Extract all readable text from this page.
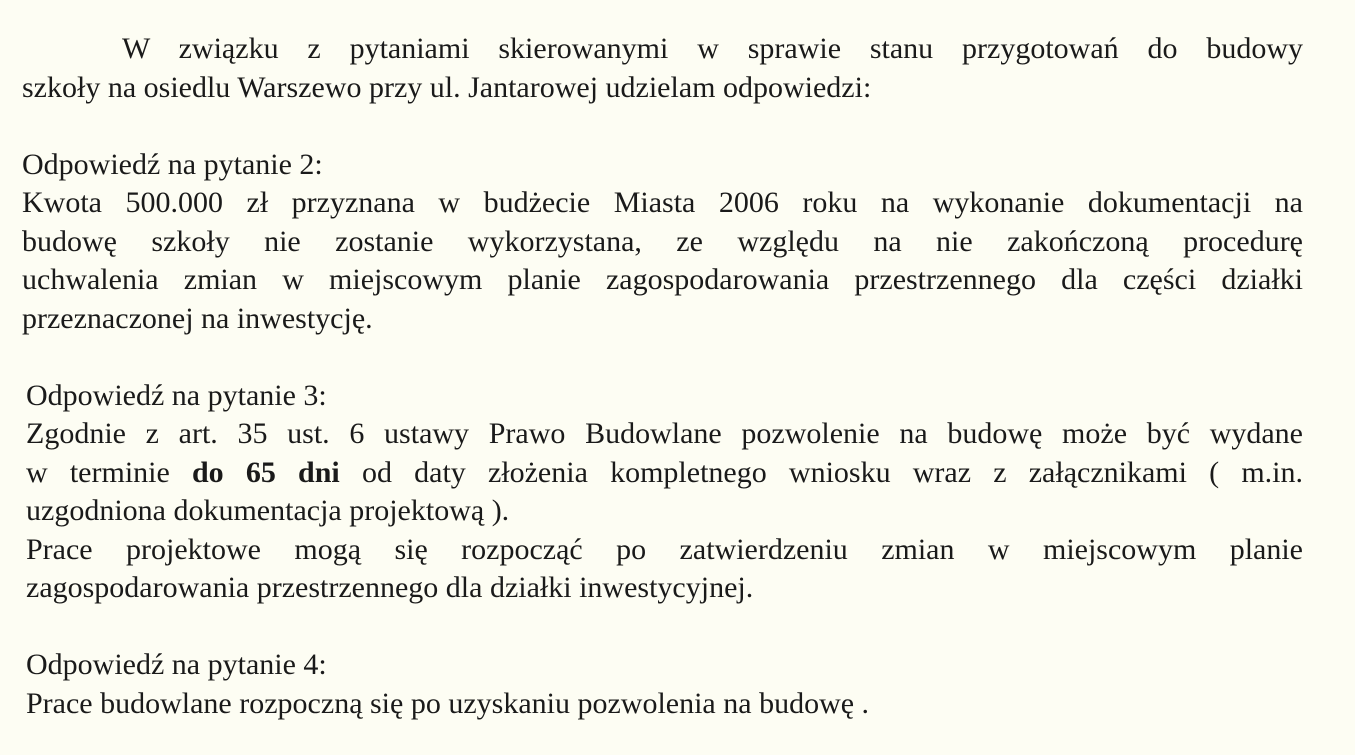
W związku z pytaniami skierowanymi w sprawie stanu przygotowań do budowy
szkoły na osiedlu Warszewo przy ul. Jantarowej udzielam odpowiedzi:
Odpowiedź na pytanie 2:
Kwota 500.000 zł przyznana w budżecie Miasta 2006 roku na wykonanie dokumentacji na
budowę szkoły nie zostanie wykorzystana, ze względu na nie zakończoną procedurę
uchwalenia zmian w miejscowym planie zagospodarowania przestrzennego dla części działki
przeznaczonej na inwestycję.
Odpowiedź na pytanie 3:
Zgodnie z art. 35 ust. 6 ustawy Prawo Budowlane pozwolenie na budowę może być wydane
w terminie do 65 dni od daty złożenia kompletnego wniosku wraz z załącznikami ( m.in.
uzgodniona dokumentacja projektową ).
Prace projektowe mogą się rozpocząć po zatwierdzeniu zmian w miejscowym planie
zagospodarowania przestrzennego dla działki inwestycyjnej.
Odpowiedź na pytanie 4:
Prace budowlane rozpoczną się po uzyskaniu pozwolenia na budowę .
